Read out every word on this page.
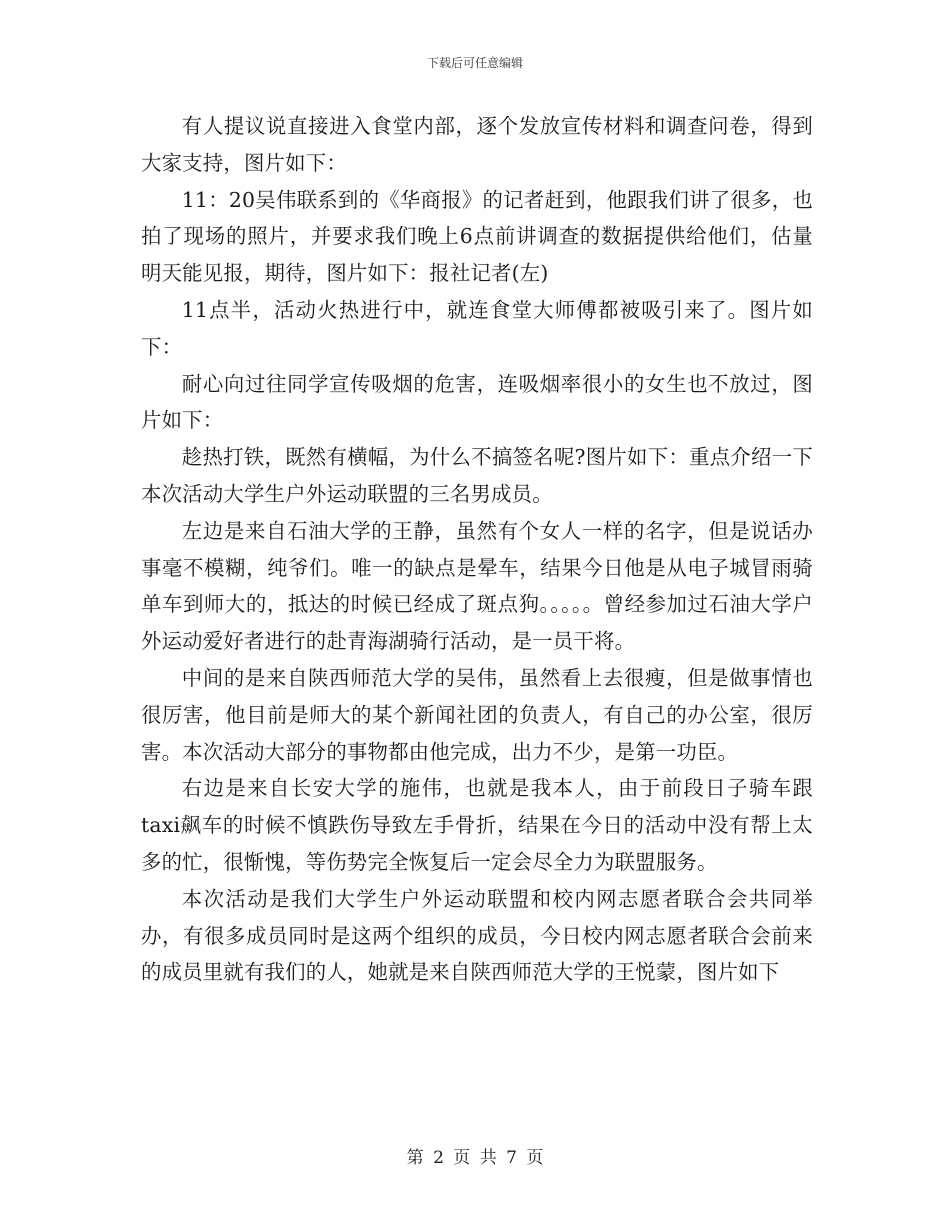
下载后可任意编辑

有人提议说直接进入食堂内部，逐个发放宣传材料和调查问卷，得到大家支持，图片如下：

11：20吴伟联系到的《华商报》的记者赶到，他跟我们讲了很多，也拍了现场的照片，并要求我们晚上6点前讲调查的数据提供给他们，估量明天能见报，期待，图片如下：报社记者(左)

11点半，活动火热进行中，就连食堂大师傅都被吸引来了。图片如下：

耐心向过往同学宣传吸烟的危害，连吸烟率很小的女生也不放过，图片如下：

趁热打铁，既然有横幅，为什么不搞签名呢?图片如下：重点介绍一下本次活动大学生户外运动联盟的三名男成员。

左边是来自石油大学的王静，虽然有个女人一样的名字，但是说话办事毫不模糊，纯爷们。唯一的缺点是晕车，结果今日他是从电子城冒雨骑单车到师大的，抵达的时候已经成了斑点狗。。。。。曾经参加过石油大学户外运动爱好者进行的赴青海湖骑行活动，是一员干将。

中间的是来自陕西师范大学的吴伟，虽然看上去很瘦，但是做事情也很厉害，他目前是师大的某个新闻社团的负责人，有自己的办公室，很厉害。本次活动大部分的事物都由他完成，出力不少，是第一功臣。

右边是来自长安大学的施伟，也就是我本人，由于前段日子骑车跟taxi飙车的时候不慎跌伤导致左手骨折，结果在今日的活动中没有帮上太多的忙，很惭愧，等伤势完全恢复后一定会尽全力为联盟服务。

本次活动是我们大学生户外运动联盟和校内网志愿者联合会共同举办，有很多成员同时是这两个组织的成员，今日校内网志愿者联合会前来的成员里就有我们的人，她就是来自陕西师范大学的王悦蒙，图片如下

第 2 页 共 7 页
